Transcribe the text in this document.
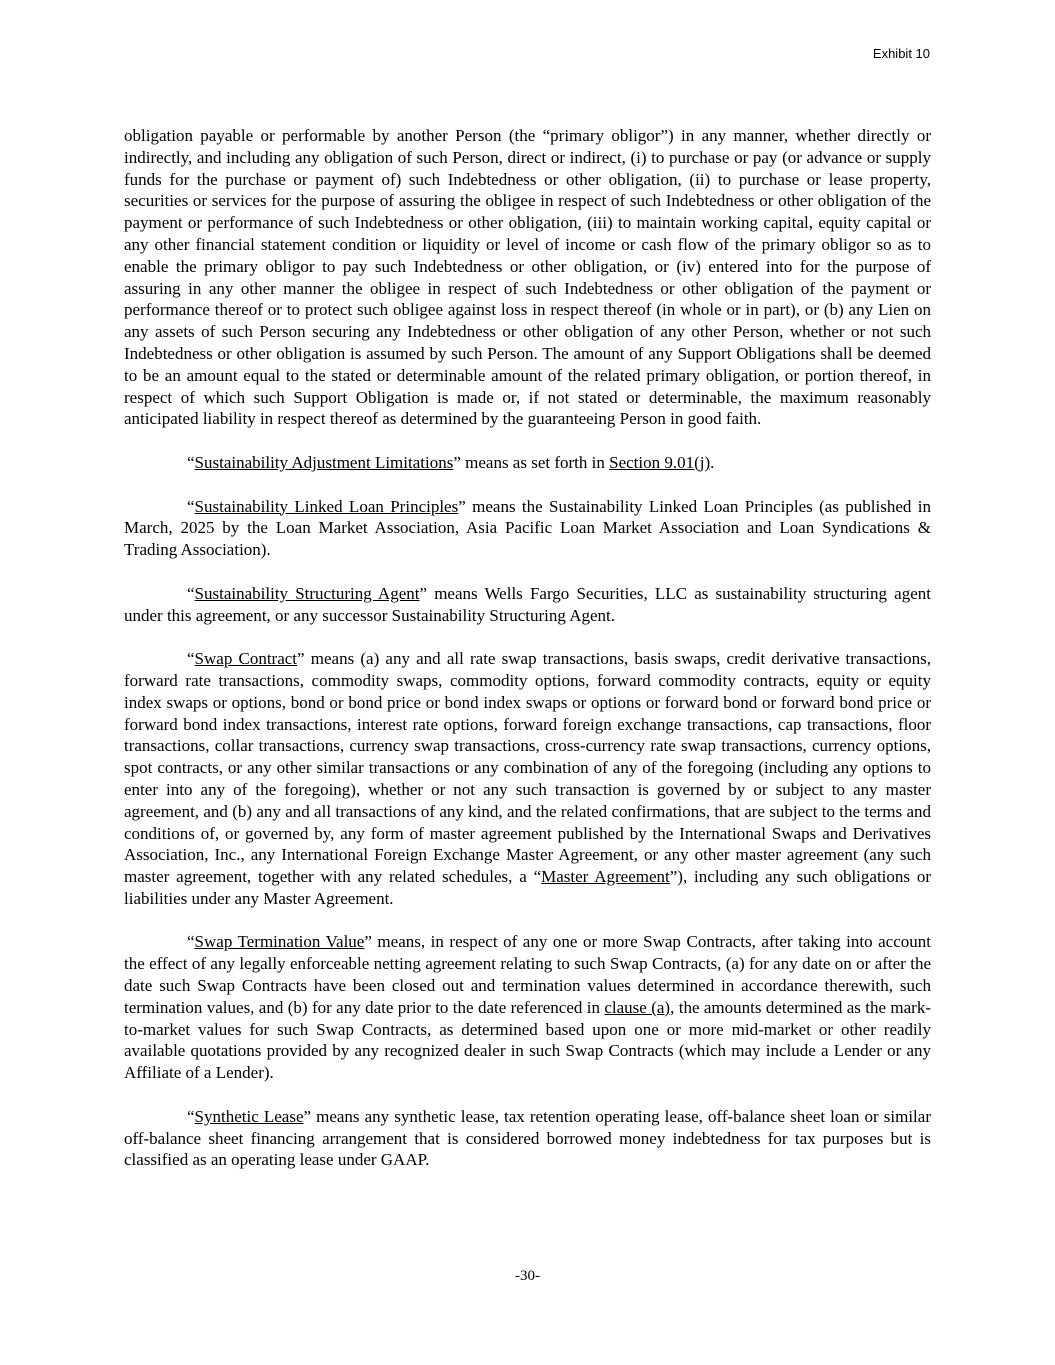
Exhibit 10

obligation payable or performable by another Person (the “primary obligor”) in any manner, whether directly or indirectly, and including any obligation of such Person, direct or indirect, (i) to purchase or pay (or advance or supply funds for the purchase or payment of) such Indebtedness or other obligation, (ii) to purchase or lease property, securities or services for the purpose of assuring the obligee in respect of such Indebtedness or other obligation of the payment or performance of such Indebtedness or other obligation, (iii) to maintain working capital, equity capital or any other financial statement condition or liquidity or level of income or cash flow of the primary obligor so as to enable the primary obligor to pay such Indebtedness or other obligation, or (iv) entered into for the purpose of assuring in any other manner the obligee in respect of such Indebtedness or other obligation of the payment or performance thereof or to protect such obligee against loss in respect thereof (in whole or in part), or (b) any Lien on any assets of such Person securing any Indebtedness or other obligation of any other Person, whether or not such Indebtedness or other obligation is assumed by such Person. The amount of any Support Obligations shall be deemed to be an amount equal to the stated or determinable amount of the related primary obligation, or portion thereof, in respect of which such Support Obligation is made or, if not stated or determinable, the maximum reasonably anticipated liability in respect thereof as determined by the guaranteeing Person in good faith.

“Sustainability Adjustment Limitations” means as set forth in Section 9.01(j).

“Sustainability Linked Loan Principles” means the Sustainability Linked Loan Principles (as published in March, 2025 by the Loan Market Association, Asia Pacific Loan Market Association and Loan Syndications & Trading Association).

“Sustainability Structuring Agent” means Wells Fargo Securities, LLC as sustainability structuring agent under this agreement, or any successor Sustainability Structuring Agent.

“Swap Contract” means (a) any and all rate swap transactions, basis swaps, credit derivative transactions, forward rate transactions, commodity swaps, commodity options, forward commodity contracts, equity or equity index swaps or options, bond or bond price or bond index swaps or options or forward bond or forward bond price or forward bond index transactions, interest rate options, forward foreign exchange transactions, cap transactions, floor transactions, collar transactions, currency swap transactions, cross-currency rate swap transactions, currency options, spot contracts, or any other similar transactions or any combination of any of the foregoing (including any options to enter into any of the foregoing), whether or not any such transaction is governed by or subject to any master agreement, and (b) any and all transactions of any kind, and the related confirmations, that are subject to the terms and conditions of, or governed by, any form of master agreement published by the International Swaps and Derivatives Association, Inc., any International Foreign Exchange Master Agreement, or any other master agreement (any such master agreement, together with any related schedules, a “Master Agreement”), including any such obligations or liabilities under any Master Agreement.

“Swap Termination Value” means, in respect of any one or more Swap Contracts, after taking into account the effect of any legally enforceable netting agreement relating to such Swap Contracts, (a) for any date on or after the date such Swap Contracts have been closed out and termination values determined in accordance therewith, such termination values, and (b) for any date prior to the date referenced in clause (a), the amounts determined as the mark-to-market values for such Swap Contracts, as determined based upon one or more mid-market or other readily available quotations provided by any recognized dealer in such Swap Contracts (which may include a Lender or any Affiliate of a Lender).

“Synthetic Lease” means any synthetic lease, tax retention operating lease, off-balance sheet loan or similar off-balance sheet financing arrangement that is considered borrowed money indebtedness for tax purposes but is classified as an operating lease under GAAP.

-30-
